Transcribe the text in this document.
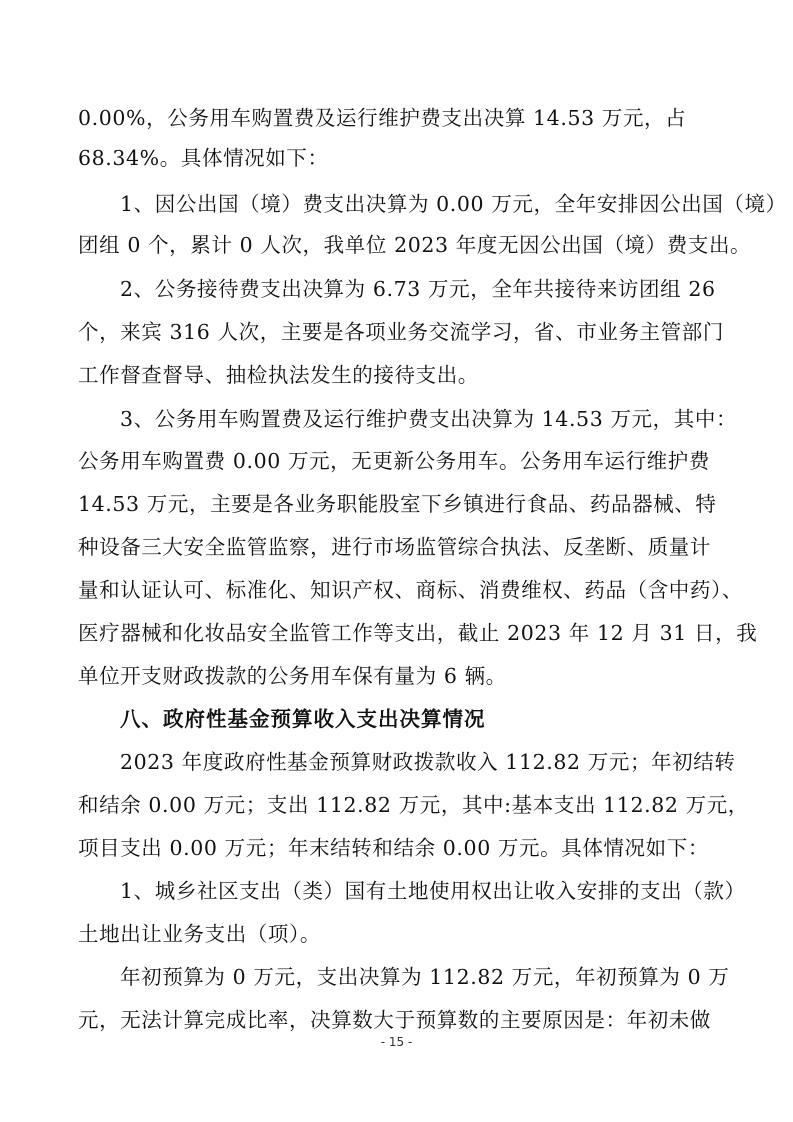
0.00%，公务用车购置费及运行维护费支出决算 14.53 万元，占
68.34%。具体情况如下：
1、因公出国（境）费支出决算为 0.00 万元，全年安排因公出国（境）
团组 0 个，累计 0 人次，我单位 2023 年度无因公出国（境）费支出。
2、公务接待费支出决算为 6.73 万元，全年共接待来访团组 26
个，来宾 316 人次，主要是各项业务交流学习，省、市业务主管部门
工作督查督导、抽检执法发生的接待支出。
3、公务用车购置费及运行维护费支出决算为 14.53 万元，其中：
公务用车购置费 0.00 万元，无更新公务用车。公务用车运行维护费
14.53 万元，主要是各业务职能股室下乡镇进行食品、药品器械、特
种设备三大安全监管监察，进行市场监管综合执法、反垄断、质量计
量和认证认可、标准化、知识产权、商标、消费维权、药品（含中药）、
医疗器械和化妆品安全监管工作等支出，截止 2023 年 12 月 31 日，我
单位开支财政拨款的公务用车保有量为 6 辆。
八、政府性基金预算收入支出决算情况
2023 年度政府性基金预算财政拨款收入 112.82 万元；年初结转
和结余 0.00 万元；支出 112.82 万元，其中:基本支出 112.82 万元，
项目支出 0.00 万元；年末结转和结余 0.00 万元。具体情况如下：
1、城乡社区支出（类）国有土地使用权出让收入安排的支出（款）
土地出让业务支出（项）。
年初预算为 0 万元，支出决算为 112.82 万元，年初预算为 0 万
元，无法计算完成比率，决算数大于预算数的主要原因是：年初未做
- 15 -
